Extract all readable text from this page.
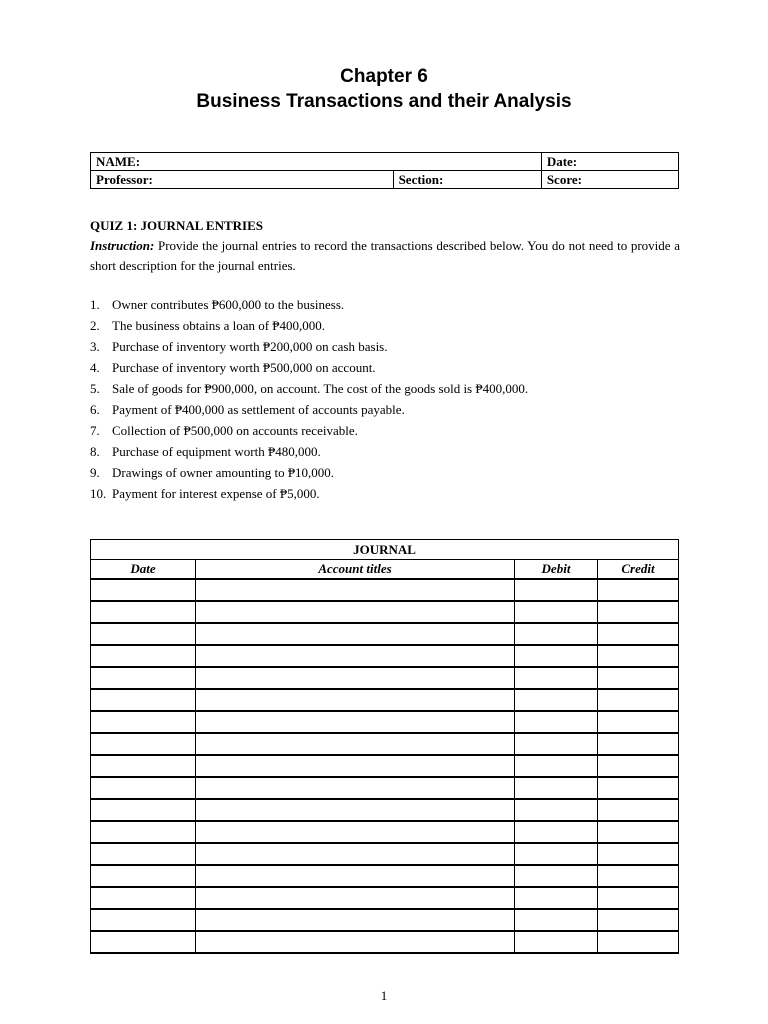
Chapter 6
Business Transactions and their Analysis
NAME:		Date:
Professor:	Section:	Score:
QUIZ 1: JOURNAL ENTRIES
Instruction: Provide the journal entries to record the transactions described below. You do not need to provide a short description for the journal entries.
1. Owner contributes ₱600,000 to the business.
2. The business obtains a loan of ₱400,000.
3. Purchase of inventory worth ₱200,000 on cash basis.
4. Purchase of inventory worth ₱500,000 on account.
5. Sale of goods for ₱900,000, on account. The cost of the goods sold is ₱400,000.
6. Payment of ₱400,000 as settlement of accounts payable.
7. Collection of ₱500,000 on accounts receivable.
8. Purchase of equipment worth ₱480,000.
9. Drawings of owner amounting to ₱10,000.
10. Payment for interest expense of ₱5,000.
JOURNAL			
Date	Account titles	Debit	Credit

1
